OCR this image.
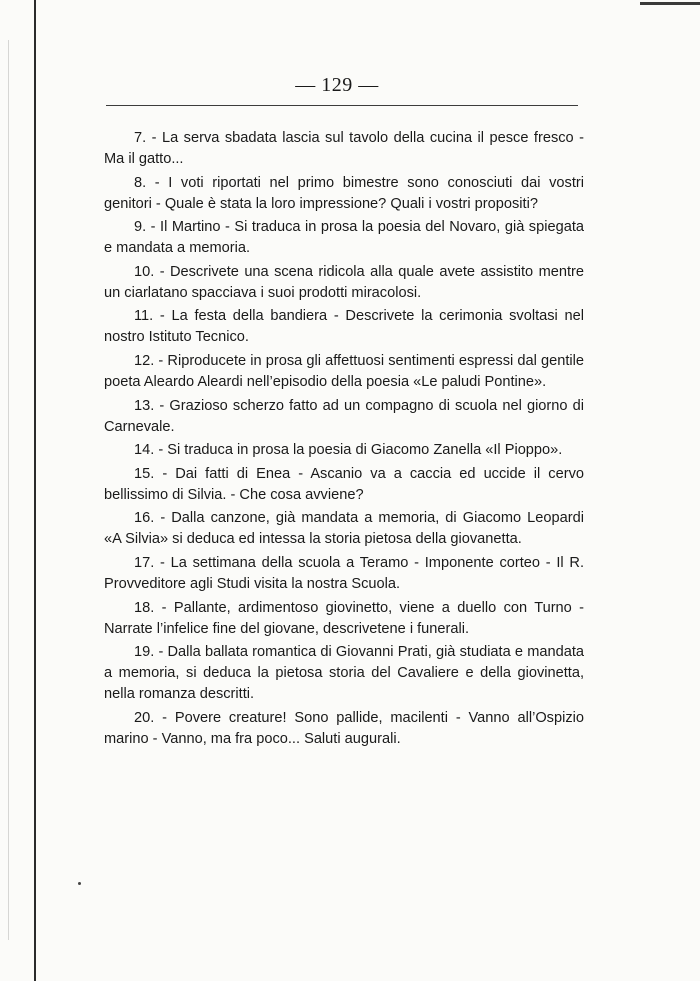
— 129 —

7. - La serva sbadata lascia sul tavolo della cucina il pesce fresco - Ma il gatto...

8. - I voti riportati nel primo bimestre sono conosciuti dai vostri genitori - Quale è stata la loro impressione? Quali i vostri propositi?

9. - Il Martino - Si traduca in prosa la poesia del Novaro, già spiegata e mandata a memoria.

10. - Descrivete una scena ridicola alla quale avete assistito mentre un ciarlatano spacciava i suoi prodotti miracolosi.

11. - La festa della bandiera - Descrivete la cerimonia svoltasi nel nostro Istituto Tecnico.

12. - Riproducete in prosa gli affettuosi sentimenti espressi dal gentile poeta Aleardo Aleardi nell’episodio della poesia «Le paludi Pontine».

13. - Grazioso scherzo fatto ad un compagno di scuola nel giorno di Carnevale.

14. - Si traduca in prosa la poesia di Giacomo Zanella «Il Pioppo».

15. - Dai fatti di Enea - Ascanio va a caccia ed uccide il cervo bellissimo di Silvia. - Che cosa avviene?

16. - Dalla canzone, già mandata a memoria, di Giacomo Leopardi «A Silvia» si deduca ed intessa la storia pietosa della giovanetta.

17. - La settimana della scuola a Teramo - Imponente corteo - Il R. Provveditore agli Studi visita la nostra Scuola.

18. - Pallante, ardimentoso giovinetto, viene a duello con Turno - Narrate l’infelice fine del giovane, descrivetene i funerali.

19. - Dalla ballata romantica di Giovanni Prati, già studiata e mandata a memoria, si deduca la pietosa storia del Cavaliere e della giovinetta, nella romanza descritti.

20. - Povere creature! Sono pallide, macilenti - Vanno all’Ospizio marino - Vanno, ma fra poco... Saluti augurali.
